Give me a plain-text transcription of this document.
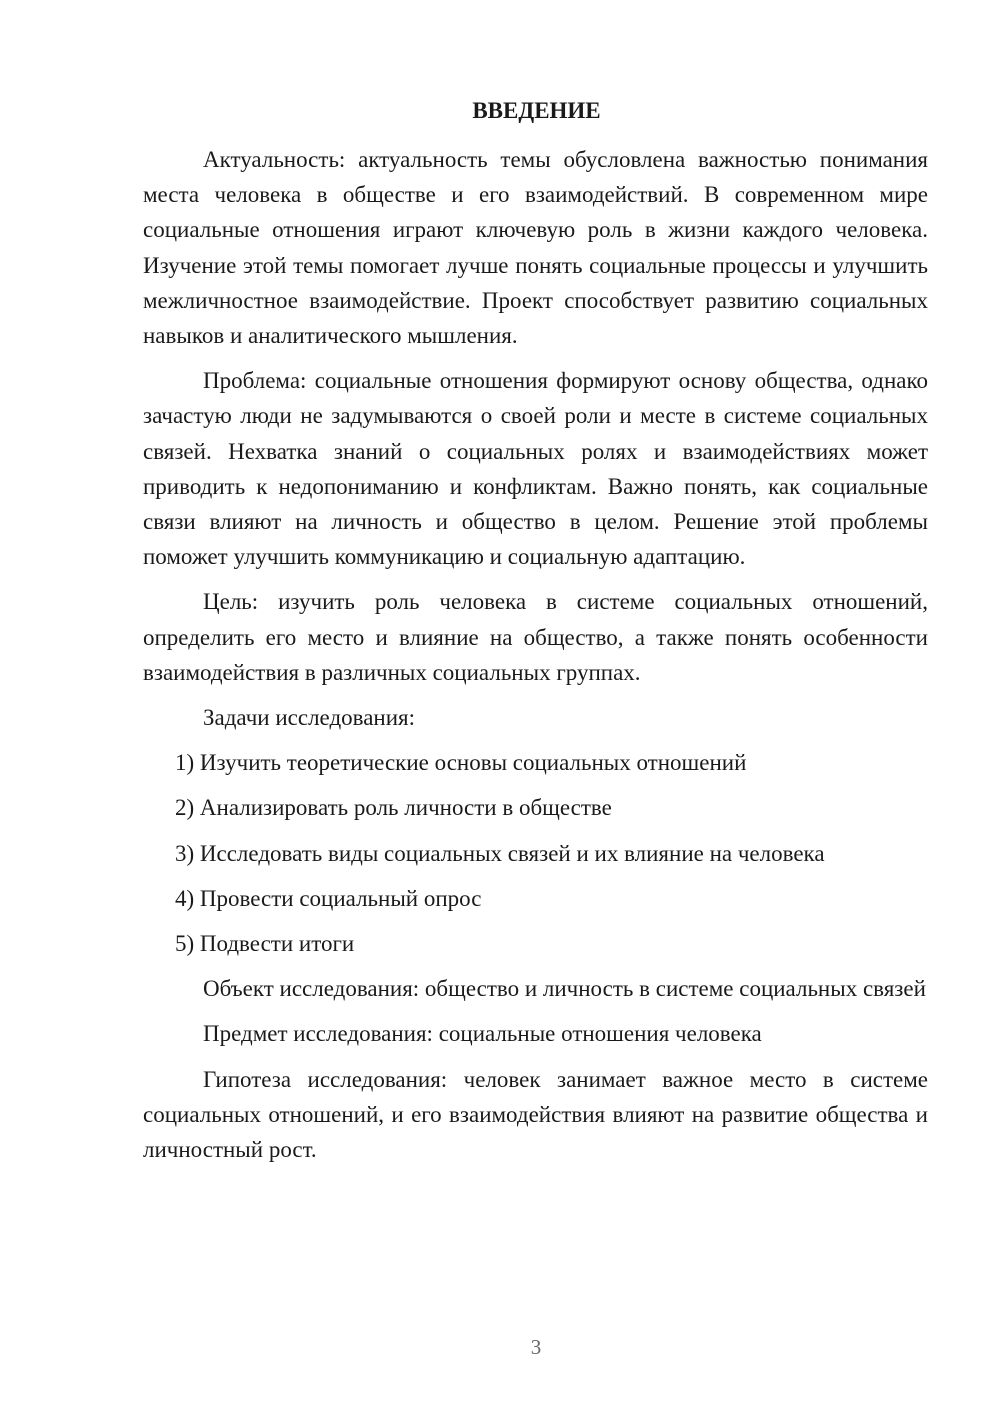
ВВЕДЕНИЕ

Актуальность: актуальность темы обусловлена важностью понимания места человека в обществе и его взаимодействий. В современном мире социальные отношения играют ключевую роль в жизни каждого человека. Изучение этой темы помогает лучше понять социальные процессы и улучшить межличностное взаимодействие. Проект способствует развитию социальных навыков и аналитического мышления.

Проблема: социальные отношения формируют основу общества, однако зачастую люди не задумываются о своей роли и месте в системе социальных связей. Нехватка знаний о социальных ролях и взаимодействиях может приводить к недопониманию и конфликтам. Важно понять, как социальные связи влияют на личность и общество в целом. Решение этой проблемы поможет улучшить коммуникацию и социальную адаптацию.

Цель: изучить роль человека в системе социальных отношений, определить его место и влияние на общество, а также понять особенности взаимодействия в различных социальных группах.

Задачи исследования:

1) Изучить теоретические основы социальных отношений
2) Анализировать роль личности в обществе
3) Исследовать виды социальных связей и их влияние на человека
4) Провести социальный опрос
5) Подвести итоги

Объект исследования: общество и личность в системе социальных связей

Предмет исследования: социальные отношения человека

Гипотеза исследования: человек занимает важное место в системе социальных отношений, и его взаимодействия влияют на развитие общества и личностный рост.

3
